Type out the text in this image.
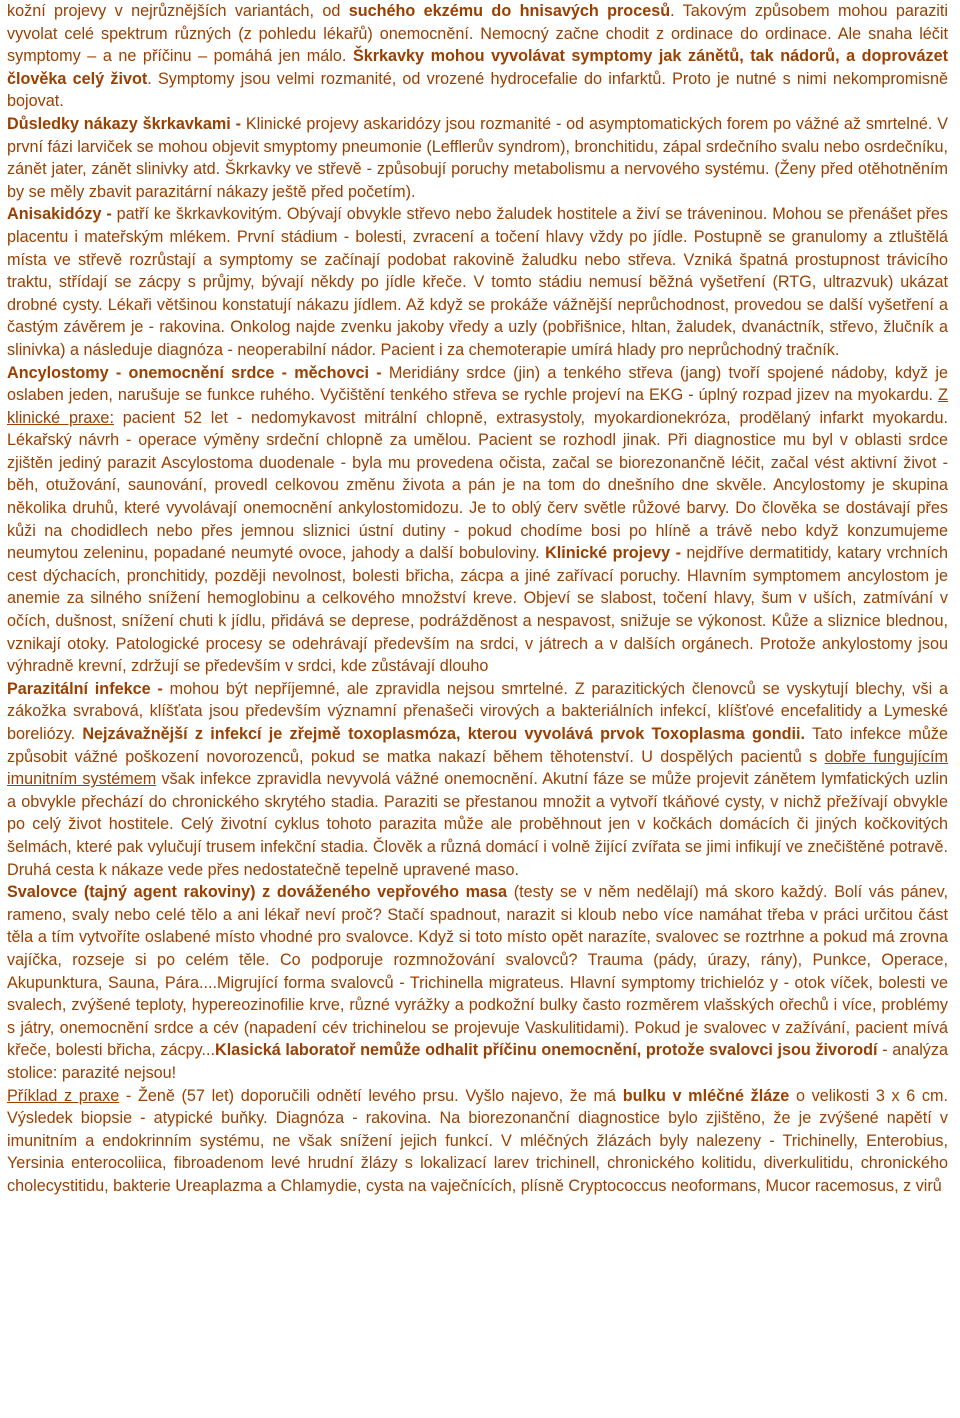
kožní projevy v nejrůznějších variantách, od suchého ekzému do hnisavých procesů. Takovým způsobem mohou paraziti vyvolat celé spektrum různých (z pohledu lékařů) onemocnění. Nemocný začne chodit z ordinace do ordinace. Ale snaha léčit symptomy – a ne příčinu – pomáhá jen málo. Škrkavky mohou vyvolávat symptomy jak zánětů, tak nádorů, a doprovázet člověka celý život. Symptomy jsou velmi rozmanité, od vrozené hydrocefalie do infarktů. Proto je nutné s nimi nekompromisně bojovat.

Důsledky nákazy škrkavkami - Klinické projevy askaridózy jsou rozmanité - od asymptomatických forem po vážné až smrtelné. V první fázi larviček se mohou objevit smyptomy pneumonie (Lefflerův syndrom), bronchitidu, zápal srdečního svalu nebo osrdečníku, zánět jater, zánět slinivky atd. Škrkavky ve střevě - způsobují poruchy metabolismu a nervového systému. (Ženy před otěhotněním by se měly zbavit parazitární nákazy ještě před početím).

Anisakidózy - patří ke škrkavkovitým. Obývají obvykle střevo nebo žaludek hostitele a živí se tráveninou. Mohou se přenášet přes placentu i mateřským mlékem. První stádium - bolesti, zvracení a točení hlavy vždy po jídle. Postupně se granulomy a ztluštělá místa ve střevě rozrůstají a symptomy se začínají podobat rakovině žaludku nebo střeva. Vzniká špatná prostupnost trávicího traktu, střídají se zácpy s průjmy, bývají někdy po jídle křeče. V tomto stádiu nemusí běžná vyšetření (RTG, ultrazvuk) ukázat drobné cysty. Lékaři většinou konstatují nákazu jídlem. Až když se prokáže vážnější neprůchodnost, provedou se další vyšetření a častým závěrem je - rakovina. Onkolog najde zvenku jakoby vředy a uzly (pobřišnice, hltan, žaludek, dvanáctník, střevo, žlučník a slinivka) a následuje diagnóza - neoperabilní nádor. Pacient i za chemoterapie umírá hlady pro neprůchodný tračník.

Ancylostomy - onemocnění srdce - měchovci - Meridiány srdce (jin) a tenkého střeva (jang) tvoří spojené nádoby, když je oslaben jeden, narušuje se funkce ruhého. Vyčištění tenkého střeva se rychle projeví na EKG - úplný rozpad jizev na myokardu. Z klinické praxe: pacient 52 let - nedomykavost mitrální chlopně, extrasystoly, myokardionekróza, prodělaný infarkt myokardu. Lékařský návrh - operace výměny srdeční chlopně za umělou. Pacient se rozhodl jinak. Při diagnostice mu byl v oblasti srdce zjištěn jediný parazit Ascylostoma duodenale - byla mu provedena očista, začal se biorezonančně léčit, začal vést aktivní život - běh, otužování, saunování, provedl celkovou změnu života a pán je na tom do dnešního dne skvěle. Ancylostomy je skupina několika druhů, které vyvolávají onemocnění ankylostomidozu. Je to oblý červ světle růžové barvy. Do člověka se dostávají přes kůži na chodidlech nebo přes jemnou sliznici ústní dutiny - pokud chodíme bosi po hlíně a trávě nebo když konzumujeme neumytou zeleninu, popadané neumyté ovoce, jahody a další bobuloviny. Klinické projevy - nejdříve dermatitidy, katary vrchních cest dýchacích, pronchitidy, později nevolnost, bolesti břicha, zácpa a jiné zařívací poruchy. Hlavním symptomem ancylostom je anemie za silného snížení hemoglobinu a celkového množství kreve. Objeví se slabost, točení hlavy, šum v uších, zatmívání v očích, dušnost, snížení chuti k jídlu, přidává se deprese, podrážděnost a nespavost, snižuje se výkonost. Kůže a sliznice blednou, vznikají otoky. Patologické procesy se odehrávají především na srdci, v játrech a v dalších orgánech. Protože ankylostomy jsou výhradně krevní, zdržují se především v srdci, kde zůstávají dlouho

Parazitální infekce - mohou být nepříjemné, ale zpravidla nejsou smrtelné. Z parazitických členovců se vyskytují blechy, vši a zákožka svrabová, klíšťata jsou především významní přenašeči virových a bakteriálních infekcí, klíšťové encefalitidy a Lymeské boreliózy. Nejzávažnější z infekcí je zřejmě toxoplasmóza, kterou vyvolává prvok Toxoplasma gondii. Tato infekce může způsobit vážné poškození novorozenců, pokud se matka nakazí během těhotenství. U dospělých pacientů s dobře fungujícím imunitním systémem však infekce zpravidla nevyvolá vážné onemocnění. Akutní fáze se může projevit zánětem lymfatických uzlin a obvykle přechází do chronického skrytého stadia. Paraziti se přestanou množit a vytvoří tkáňové cysty, v nichž přežívají obvykle po celý život hostitele. Celý životní cyklus tohoto parazita může ale proběhnout jen v kočkách domácích či jiných kočkovitých šelmách, které pak vylučují trusem infekční stadia. Člověk a různá domácí i volně žijící zvířata se jimi infikují ve znečištěné potravě. Druhá cesta k nákaze vede přes nedostatečně tepelně upravené maso.

Svalovce (tajný agent rakoviny) z dováženého vepřového masa (testy se v něm nedělají) má skoro každý. Bolí vás pánev, rameno, svaly nebo celé tělo a ani lékař neví proč? Stačí spadnout, narazit si kloub nebo více namáhat třeba v práci určitou část těla a tím vytvoříte oslabené místo vhodné pro svalovce. Když si toto místo opět narazíte, svalovec se roztrhne a pokud má zrovna vajíčka, rozseje si po celém těle. Co podporuje rozmnožování svalovců? Trauma (pády, úrazy, rány), Punkce, Operace, Akupunktura, Sauna, Pára....Migrující forma svalovců - Trichinella migrateus. Hlavní symptomy trichielóz y - otok víček, bolesti ve svalech, zvýšené teploty, hypereozinofilie krve, různé vyrážky a podkožní bulky často rozměrem vlašských ořechů i více, problémy s játry, onemocnění srdce a cév (napadení cév trichinelou se projevuje Vaskulitidami). Pokud je svalovec v zažívání, pacient mívá křeče, bolesti břicha, zácpy...Klasická laboratoř nemůže odhalit příčinu onemocnění, protože svalovci jsou živorodí - analýza stolice: parazité nejsou!

Příklad z praxe - Ženě (57 let) doporučili odnětí levého prsu. Vyšlo najevo, že má bulku v mléčné žláze o velikosti 3 x 6 cm. Výsledek biopsie - atypické buňky. Diagnóza - rakovina. Na biorezonanční diagnostice bylo zjištěno, že je zvýšené napětí v imunitním a endokrinním systému, ne však snížení jejich funkcí. V mléčných žlázách byly nalezeny - Trichinelly, Enterobius, Yersinia enterocoliica, fibroadenom levé hrudní žlázy s lokalizací larev trichinell, chronického kolitidu, diverkulitidu, chronického cholecystitidu, bakterie Ureaplazma a Chlamydie, cysta na vaječnících, plísně Cryptococcus neoformans, Mucor racemosus, z virů
